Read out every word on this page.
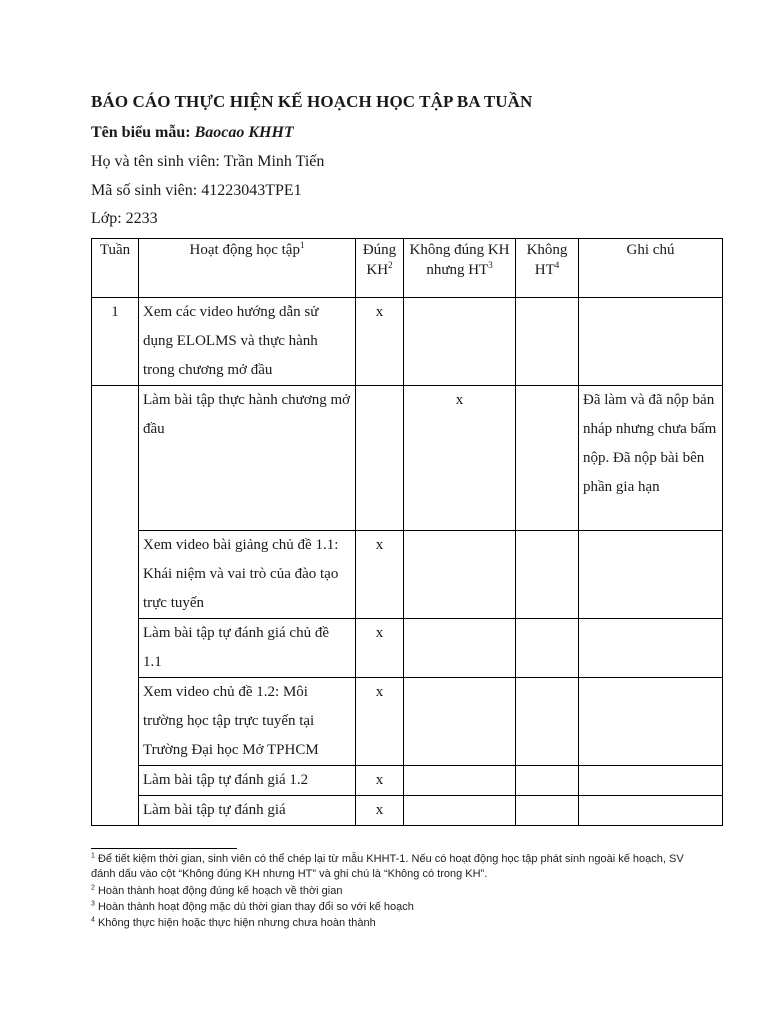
BÁO CÁO THỰC HIỆN KẾ HOẠCH HỌC TẬP BA TUẦN
Tên biểu mẫu: Baocao KHHT
Họ và tên sinh viên: Trần Minh Tiến
Mã số sinh viên: 41223043TPE1
Lớp: 2233
Tuần	Hoạt động học tập$^1$	Đúng $KH^2$	Không đúng KH nhưng $HT^3$	Không $HT^4$	Ghi chú
1	Xem các video hướng dẫn sử dụng ELOLMS và thực hành trong chương mở đầu	x			
	Làm bài tập thực hành chương mở đầu		x		Đã làm và đã nộp bản nháp nhưng chưa bấm nộp. Đã nộp bài bên phần gia hạn
	Xem video bài giảng chủ đề 1.1: Khái niệm và vai trò của đào tạo trực tuyến	x			
	Làm bài tập tự đánh giá chủ đề 1.1	x			
	Xem video chủ đề 1.2: Môi trường học tập trực tuyến tại Trường Đại học Mở TPHCM	x			
	Làm bài tập tự đánh giá 1.2	x			
	Làm bài tập tự đánh giá	x			
$^1$ Để tiết kiệm thời gian, sinh viên có thể chép lại từ mẫu KHHT-1. Nếu có hoạt động học tập phát sinh ngoài kế hoạch, SV đánh dấu vào cột “Không đúng KH nhưng HT” và ghi chú là “Không có trong KH”.
$^2$ Hoàn thành hoạt động đúng kế hoạch về thời gian
$^3$ Hoàn thành hoạt động mặc dù thời gian thay đổi so với kế hoạch
$^4$ Không thực hiện hoặc thực hiện nhưng chưa hoàn thành
